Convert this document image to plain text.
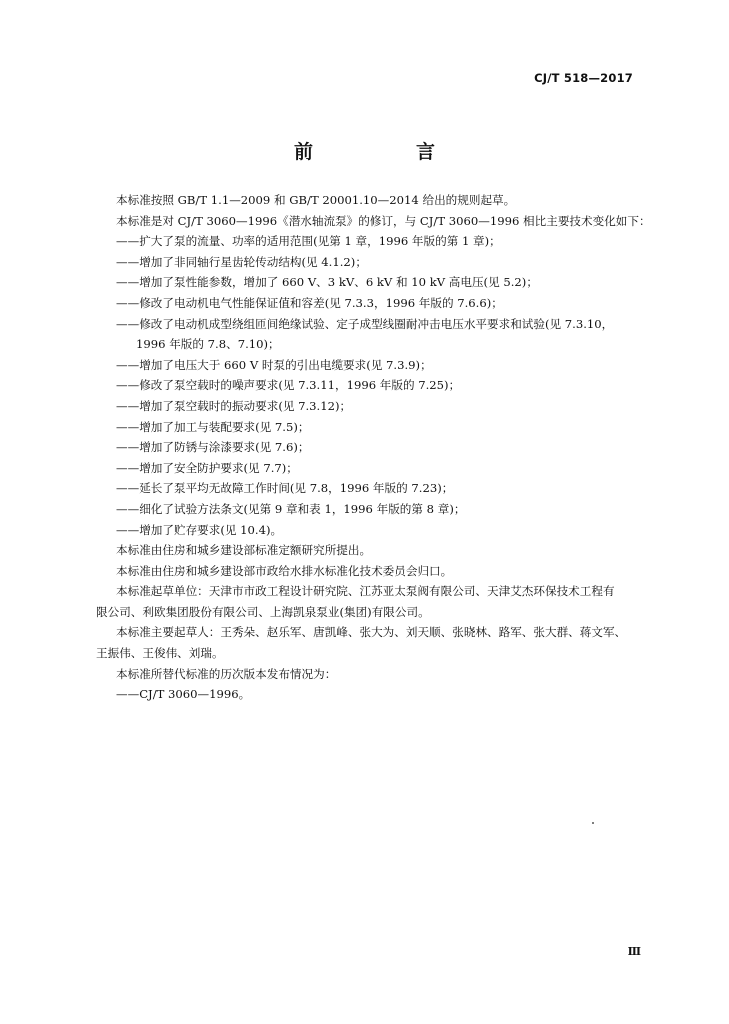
CJ/T 518—2017
前　言

本标准按照 GB/T 1.1—2009 和 GB/T 20001.10—2014 给出的规则起草。

本标准是对 CJ/T 3060—1996《潜水轴流泵》的修订，与 CJ/T 3060—1996 相比主要技术变化如下：

——扩大了泵的流量、功率的适用范围(见第 1 章，1996 年版的第 1 章)；

——增加了非同轴行星齿轮传动结构(见 4.1.2)；

——增加了泵性能参数，增加了 660 V、3 kV、6 kV 和 10 kV 高电压(见 5.2)；

——修改了电动机电气性能保证值和容差(见 7.3.3，1996 年版的 7.6.6)；

——修改了电动机成型绕组匝间绝缘试验、定子成型线圈耐冲击电压水平要求和试验(见 7.3.10，

1996 年版的 7.8、7.10)；

——增加了电压大于 660 V 时泵的引出电缆要求(见 7.3.9)；

——修改了泵空载时的噪声要求(见 7.3.11，1996 年版的 7.25)；

——增加了泵空载时的振动要求(见 7.3.12)；

——增加了加工与装配要求(见 7.5)；

——增加了防锈与涂漆要求(见 7.6)；

——增加了安全防护要求(见 7.7)；

——延长了泵平均无故障工作时间(见 7.8，1996 年版的 7.23)；

——细化了试验方法条文(见第 9 章和表 1，1996 年版的第 8 章)；

——增加了贮存要求(见 10.4)。

本标准由住房和城乡建设部标准定额研究所提出。

本标准由住房和城乡建设部市政给水排水标准化技术委员会归口。

本标准起草单位：天津市市政工程设计研究院、江苏亚太泵阀有限公司、天津艾杰环保技术工程有

限公司、利欧集团股份有限公司、上海凯泉泵业(集团)有限公司。

本标准主要起草人：王秀朵、赵乐军、唐凯峰、张大为、刘天顺、张晓林、路军、张大群、蒋文军、

王振伟、王俊伟、刘瑞。

本标准所替代标准的历次版本发布情况为：

——CJ/T 3060—1996。

Ⅲ
